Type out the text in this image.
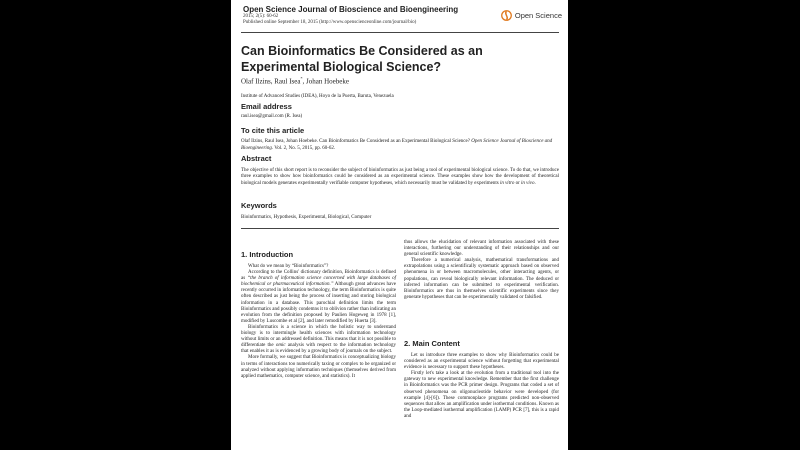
Open Science Journal of Bioscience and Bioengineering
2015; 2(5): 60-62
Published online September 18, 2015 (http://www.openscienceonline.com/journal/bio)
Open Science
Can Bioinformatics Be Considered as an Experimental Biological Science?
Olaf Ilzins, Raul Isea*, Johan Hoebeke
Institute of Advanced Studies (IDEA), Hoyo de la Puerta, Baruta, Venezuela
Email address
raul.isea@gmail.com (R. Isea)
To cite this article
Olaf Ilzins, Raul Isea, Johan Hoebeke. Can Bioinformatics Be Considered as an Experimental Biological Science? Open Science Journal of Bioscience and Bioengineering. Vol. 2, No. 5, 2015, pp. 60-62.
Abstract
The objective of this short report is to reconsider the subject of bioinformatics as just being a tool of experimental biological science. To do that, we introduce three examples to show how bioinformatics could be considered as an experimental science. These examples show how the development of theoretical biological models generates experimentally verifiable computer hypotheses, which necessarily must be validated by experiments in vitro or in vivo.
Keywords
Bioinformatics, Hypothesis, Experimental, Biological, Computer
1. Introduction

What do we mean by “Bioinformatics”?

According to the Collins' dictionary definition, Bioinformatics is defined as “the branch of information science concerned with large databases of biochemical or pharmaceutical information.” Although great advances have recently occurred in information technology, the term Bioinformatics is quite often described as just being the process of inserting and storing biological information in a database. This parochial definition limits the term Bioinformatics and possibly condemns it to oblivion rather than indicating an evolution from the definition proposed by Paulien Hogeweg in 1978 [1], modified by Luscombe et al [2], and later remodified by Huerta [3].

Bioinformatics is a science in which the holistic way to understand biology is to intermingle health sciences with information technology without limits or an addressed definition. This means that it is not possible to differentiate the omic analysis with respect to the information technology that enables it as is evidenced by a growing body of journals on the subject.

More formally, we suggest that Bioinformatics is conceptualizing biology in terms of interactions too numerically taxing or complex to be organized or analyzed without applying information techniques (themselves derived from applied mathematics, computer science, and statistics). It

thus allows the elucidation of relevant information associated with these interactions, furthering our understanding of their relationships and our general scientific knowledge.

Therefore a numerical analysis, mathematical transformations and extrapolations using a scientifically systematic approach based on observed phenomena in or between macromolecules, other interacting agents, or populations, can reveal biologically relevant information. The deduced or inferred information can be submitted to experimental verification. Bioinformatics are thus in themselves scientific experiments since they generate hypotheses that can be experimentally validated or falsified.

2. Main Content

Let us introduce three examples to show why Bioinformatics could be considered as an experimental science without forgetting that experimental evidence is necessary to support these hypotheses.

Firstly let's take a look at the evolution from a traditional tool into the gateway to new experimental knowledge. Remember that the first challenge in Bioinformatics was the PCR primer design. Programs that coded a set of observed phenomena on oligonucleotide behavior were developed (for example [4]-[6]). These commonplace programs predicted non-observed sequences that allow an amplification under isothermal conditions. Known as the Loop-mediated isothermal amplification (LAMP) PCR [7], this is a rapid and
